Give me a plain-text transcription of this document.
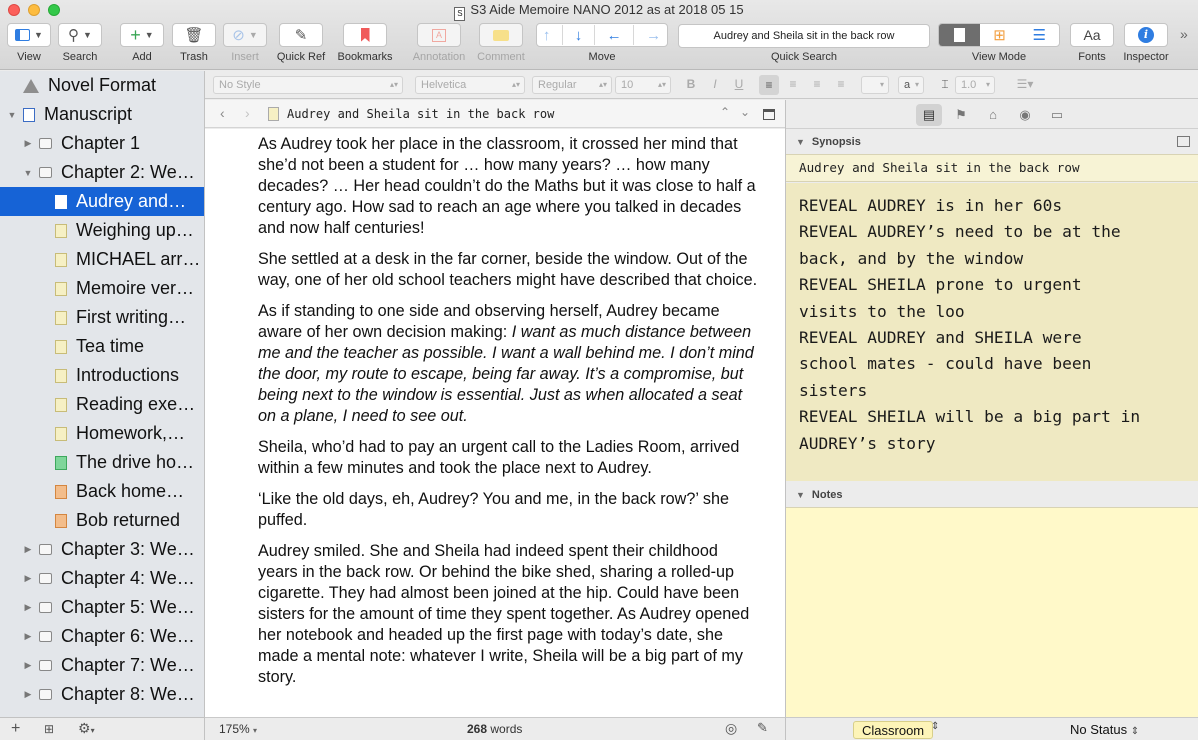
S S3 Aide Memoire NANO 2012 as at 2018 05 15
▼
View
⚲ ▼
Search
+ ▼
Add
🗑
Trash
⊘ ▼
Insert
✎
Quick Ref	Bookmarks
A
Annotation	Comment
↑ ↓ ← →
Move
Audrey and Sheila sit in the back row
Quick Search
⊞	☰
View Mode
Aa
Fonts
i
Inspector
»
No Style	▴▾	Helvetica	▴▾	Regular	▴▾	10	▴▾	B	I	U	≡	≡	≡	≡	▾	a ▾	⌶	1.0 ▾	☰▾
Novel Format
▼ Manuscript
▶ Chapter 1
▼ Chapter 2: We…
Audrey and…
Weighing up…
MICHAEL arr…
Memoire ver…
First writing…
Tea time
Introductions
Reading exe…
Homework,…
The drive ho…
Back home…
Bob returned
▶ Chapter 3: We…
▶ Chapter 4: We…
▶ Chapter 5: We…
▶ Chapter 6: We…
▶ Chapter 7: We…
▶ Chapter 8: We…
+ ⊞ ⚙▾
‹ ›	Audrey and Sheila sit in the back row	⌃ ⌄

As Audrey took her place in the classroom, it crossed her mind that she’d not been a student for … how many years? … how many decades? … Her head couldn’t do the Maths but it was close to half a century ago. How sad to reach an age where you talked in decades and now half centuries!

She settled at a desk in the far corner, beside the window. Out of the way, one of her old school teachers might have described that choice.

As if standing to one side and observing herself, Audrey became aware of her own decision making: I want as much distance between me and the teacher as possible. I want a wall behind me. I don’t mind the door, my route to escape, being far away. It’s a compromise, but being next to the window is essential. Just as when allocated a seat on a plane, I need to see out.

Sheila, who’d had to pay an urgent call to the Ladies Room, arrived within a few minutes and took the place next to Audrey.

‘Like the old days, eh, Audrey? You and me, in the back row?’ she puffed.

Audrey smiled. She and Sheila had indeed spent their childhood years in the back row. Or behind the bike shed, sharing a rolled-up cigarette. They had almost been joined at the hip. Could have been sisters for the amount of time they spent together. As Audrey opened her notebook and headed up the first page with today’s date, she made a mental note: whatever I write, Sheila will be a big part of my story.

175% ▾	268 words	◎ ✎
▤	⚑	⌂	◉	▭
▼ Synopsis
Audrey and Sheila sit in the back row
REVEAL AUDREY is in her 60s
REVEAL AUDREY’s need to be at the
back, and by the window
REVEAL SHEILA prone to urgent
visits to the loo
REVEAL AUDREY and SHEILA were
school mates - could have been
sisters
REVEAL SHEILA will be a big part in
AUDREY’s story
▼ Notes
Classroom ⇕	No Status ⇕
